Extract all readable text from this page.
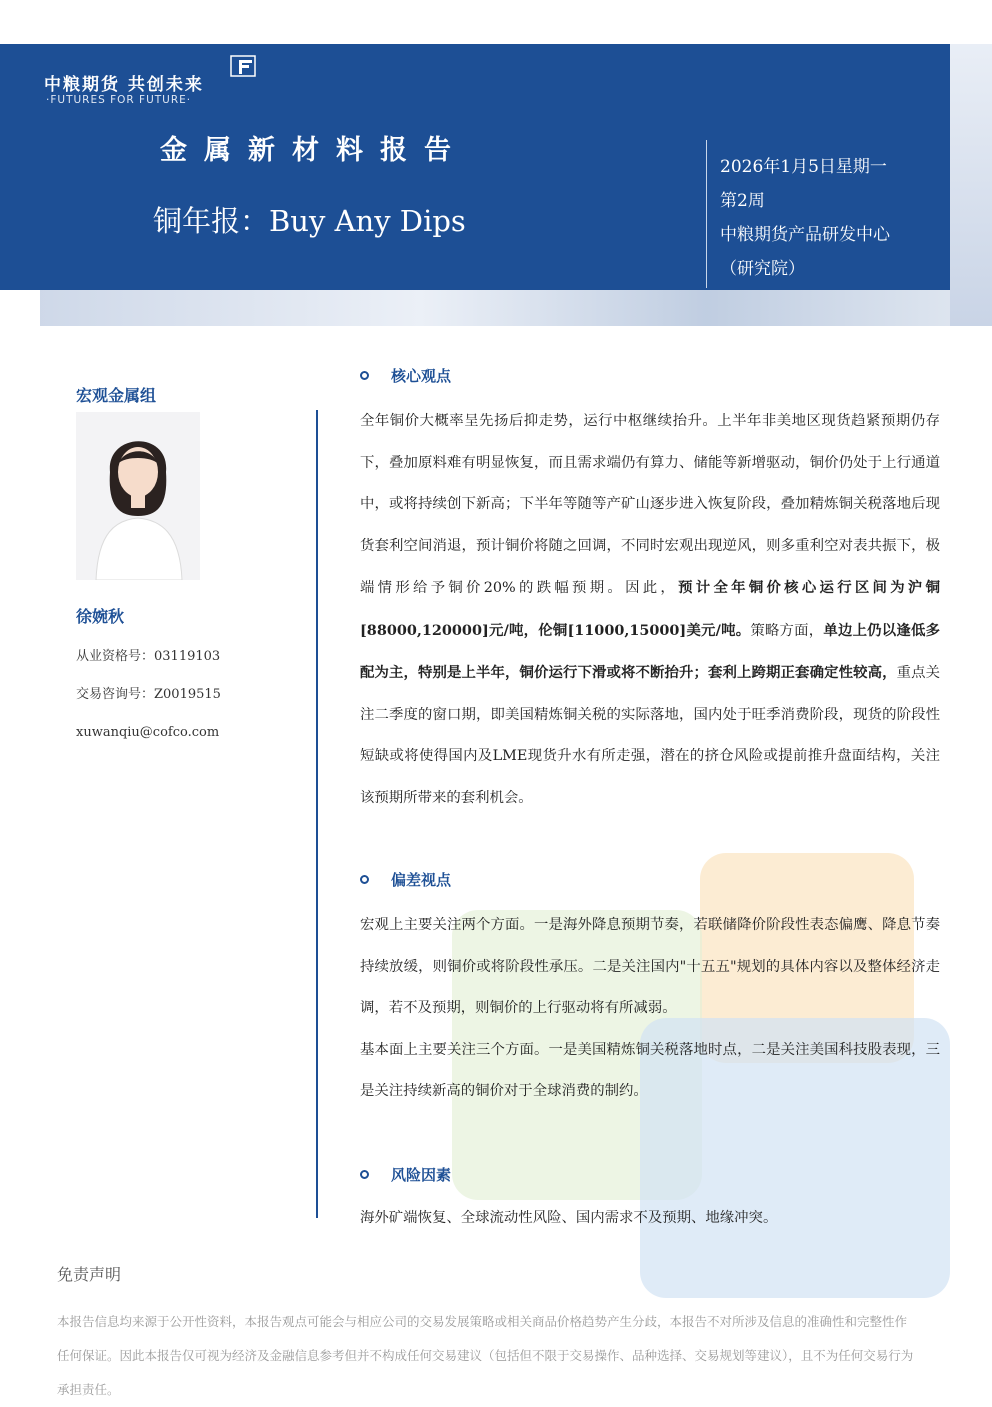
中粮期货 共创未来
·FUTURES FOR FUTURE·
金属新材料报告
铜年报：Buy Any Dips
2026年1月5日星期一
第2周
中粮期货产品研发中心
（研究院）
宏观金属组
徐婉秋
从业资格号：03119103
交易咨询号：Z0019515
xuwanqiu@cofco.com
核心观点

全年铜价大概率呈先扬后抑走势，运行中枢继续抬升。上半年非美地区现货趋紧预期仍存下，叠加原料难有明显恢复，而且需求端仍有算力、储能等新增驱动，铜价仍处于上行通道中，或将持续创下新高；下半年等随等产矿山逐步进入恢复阶段，叠加精炼铜关税落地后现货套利空间消退，预计铜价将随之回调，不同时宏观出现逆风，则多重利空对表共振下，极端情形给予铜价20%的跌幅预期。因此，预计全年铜价核心运行区间为沪铜[88000,120000]元/吨，伦铜[11000,15000]美元/吨。策略方面，单边上仍以逢低多配为主，特别是上半年，铜价运行下滑或将不断抬升；套利上跨期正套确定性较高，重点关注二季度的窗口期，即美国精炼铜关税的实际落地，国内处于旺季消费阶段，现货的阶段性短缺或将使得国内及LME现货升水有所走强，潜在的挤仓风险或提前推升盘面结构，关注该预期所带来的套利机会。

偏差视点

宏观上主要关注两个方面。一是海外降息预期节奏，若联储降价阶段性表态偏鹰、降息节奏持续放缓，则铜价或将阶段性承压。二是关注国内"十五五"规划的具体内容以及整体经济走调，若不及预期，则铜价的上行驱动将有所减弱。

基本面上主要关注三个方面。一是美国精炼铜关税落地时点，二是关注美国科技股表现，三是关注持续新高的铜价对于全球消费的制约。

风险因素

海外矿端恢复、全球流动性风险、国内需求不及预期、地缘冲突。

免责声明
本报告信息均来源于公开性资料，本报告观点可能会与相应公司的交易发展策略或相关商品价格趋势产生分歧，本报告不对所涉及信息的准确性和完整性作任何保证。因此本报告仅可视为经济及金融信息参考但并不构成任何交易建议（包括但不限于交易操作、品种选择、交易规划等建议），且不为任何交易行为承担责任。
